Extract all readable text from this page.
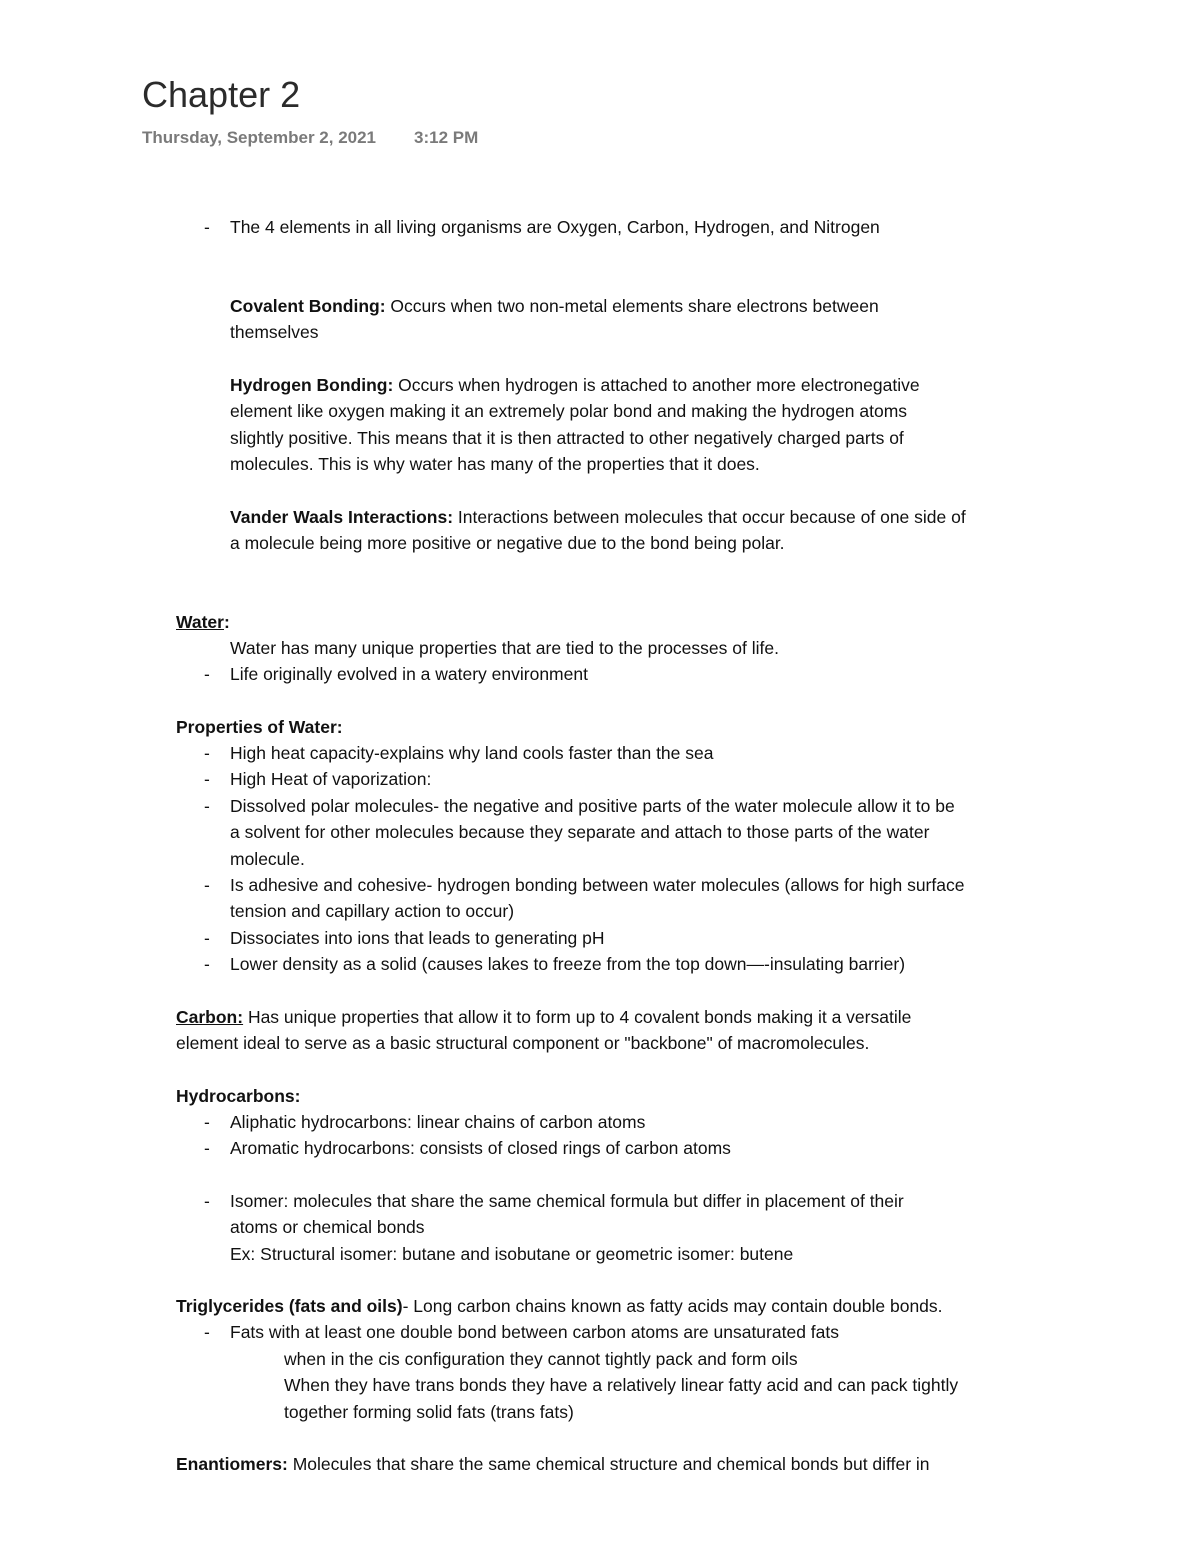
Chapter 2
Thursday, September 2, 2021 3:12 PM
- The 4 elements in all living organisms are Oxygen, Carbon, Hydrogen, and Nitrogen
Covalent Bonding: Occurs when two non-metal elements share electrons between
themselves
Hydrogen Bonding: Occurs when hydrogen is attached to another more electronegative
element like oxygen making it an extremely polar bond and making the hydrogen atoms
slightly positive. This means that it is then attracted to other negatively charged parts of
molecules. This is why water has many of the properties that it does.
Vander Waals Interactions: Interactions between molecules that occur because of one side of
a molecule being more positive or negative due to the bond being polar.
Water:
Water has many unique properties that are tied to the processes of life.
- Life originally evolved in a watery environment
Properties of Water:
- High heat capacity-explains why land cools faster than the sea
- High Heat of vaporization:
- Dissolved polar molecules- the negative and positive parts of the water molecule allow it to be
a solvent for other molecules because they separate and attach to those parts of the water
molecule.
- Is adhesive and cohesive- hydrogen bonding between water molecules (allows for high surface
tension and capillary action to occur)
- Dissociates into ions that leads to generating pH
- Lower density as a solid (causes lakes to freeze from the top down—-insulating barrier)
Carbon: Has unique properties that allow it to form up to 4 covalent bonds making it a versatile
element ideal to serve as a basic structural component or "backbone" of macromolecules.
Hydrocarbons:
- Aliphatic hydrocarbons: linear chains of carbon atoms
- Aromatic hydrocarbons: consists of closed rings of carbon atoms
- Isomer: molecules that share the same chemical formula but differ in placement of their
atoms or chemical bonds
Ex: Structural isomer: butane and isobutane or geometric isomer: butene
Triglycerides (fats and oils)- Long carbon chains known as fatty acids may contain double bonds.
- Fats with at least one double bond between carbon atoms are unsaturated fats
when in the cis configuration they cannot tightly pack and form oils
When they have trans bonds they have a relatively linear fatty acid and can pack tightly
together forming solid fats (trans fats)
Enantiomers: Molecules that share the same chemical structure and chemical bonds but differ in
